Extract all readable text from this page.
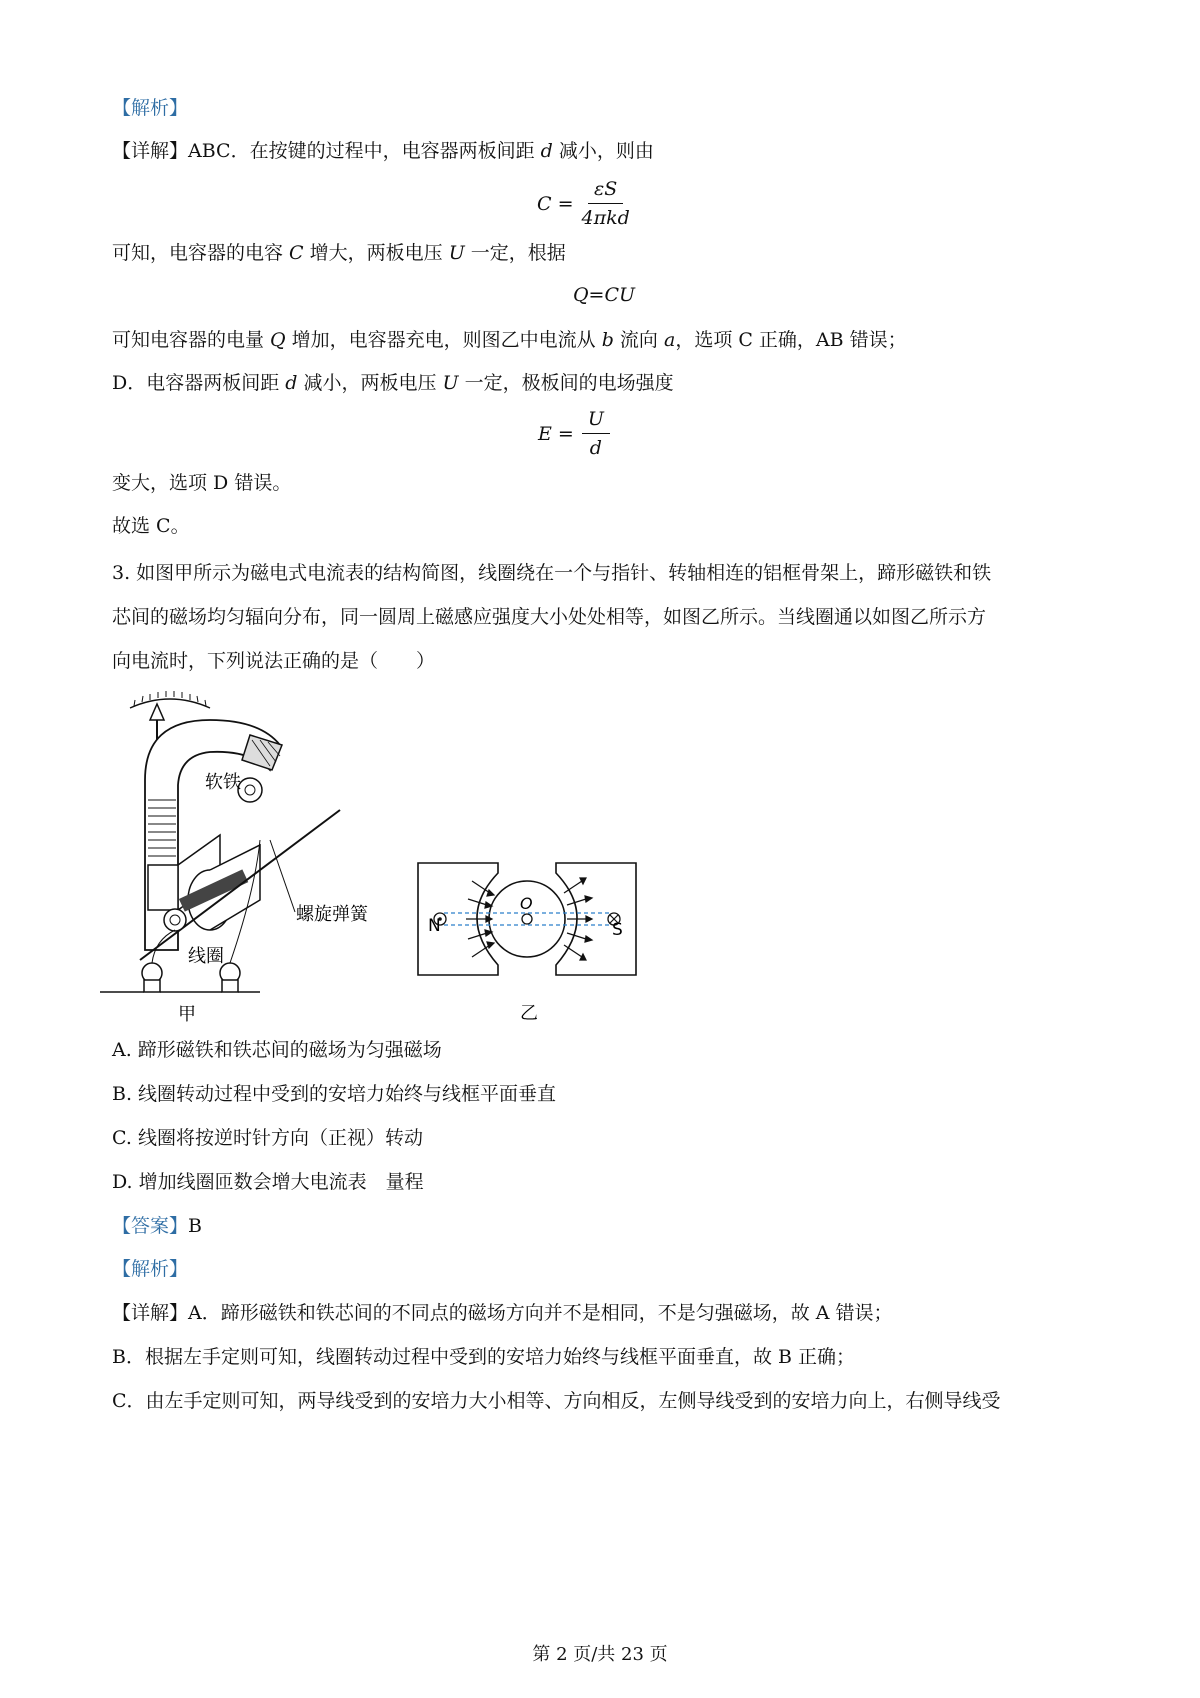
【解析】
【详解】ABC．在按键的过程中，电容器两板间距 d 减小，则由
$C = \frac{\varepsilon S}{\text{4πkd}}$
可知，电容器的电容 C 增大，两板电压 U 一定，根据
Q=CU
可知电容器的电量 Q 增加，电容器充电，则图乙中电流从 b 流向 a，选项 C 正确，AB 错误；
D．电容器两板间距 d 减小，两板电压 U 一定，极板间的电场强度
$E = \frac{U}{d}$
变大，选项 D 错误。
故选 C。
3. 如图甲所示为磁电式电流表的结构简图，线圈绕在一个与指针、转轴相连的铝框骨架上，蹄形磁铁和铁
芯间的磁场均匀辐向分布，同一圆周上磁感应强度大小处处相等，如图乙所示。当线圈通以如图乙所示方
向电流时，下列说法正确的是（　　）
软铁
螺旋弹簧
线圈
甲
N	S
O
乙
A. 蹄形磁铁和铁芯间的磁场为匀强磁场
B. 线圈转动过程中受到的安培力始终与线框平面垂直
C. 线圈将按逆时针方向（正视）转动
D. 增加线圈匝数会增大电流表　量程
【答案】B
【解析】
【详解】A．蹄形磁铁和铁芯间的不同点的磁场方向并不是相同，不是匀强磁场，故 A 错误；
B．根据左手定则可知，线圈转动过程中受到的安培力始终与线框平面垂直，故 B 正确；
C．由左手定则可知，两导线受到的安培力大小相等、方向相反，左侧导线受到的安培力向上，右侧导线受
第 2 页/共 23 页
